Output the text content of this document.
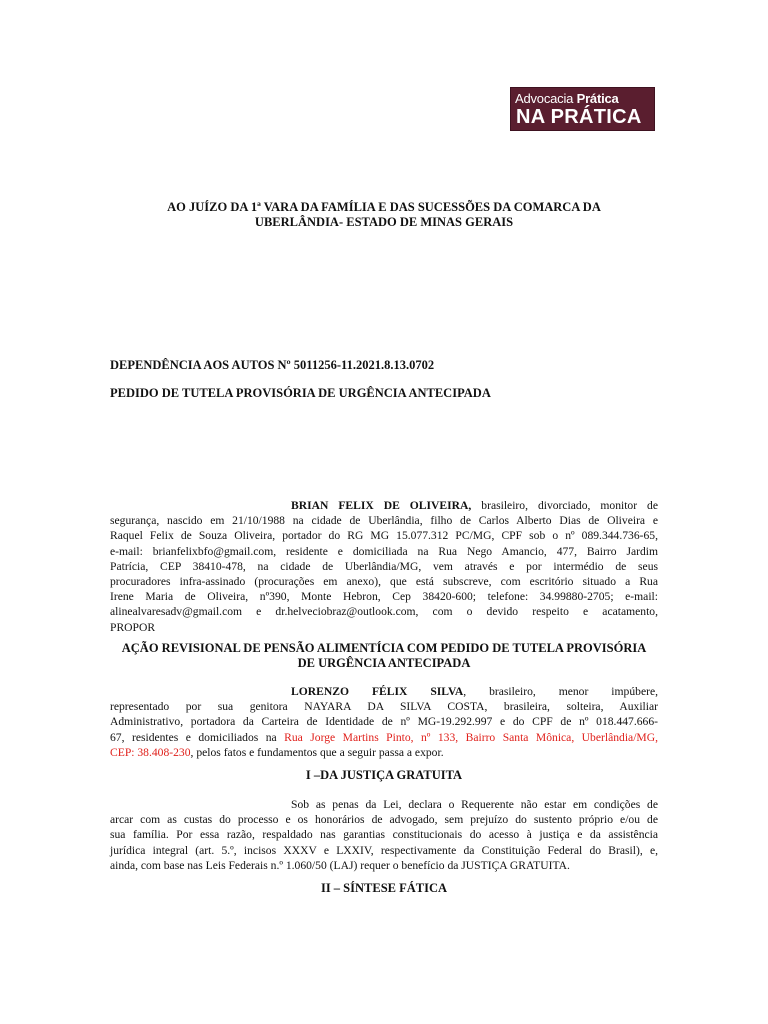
Advocacia Prática
NA PRÁTICA
AO JUÍZO DA 1ª VARA DA FAMÍLIA E DAS SUCESSÕES DA COMARCA DA
UBERLÂNDIA- ESTADO DE MINAS GERAIS
DEPENDÊNCIA AOS AUTOS Nº 5011256-11.2021.8.13.0702
PEDIDO DE TUTELA PROVISÓRIA DE URGÊNCIA ANTECIPADA
BRIAN FELIX DE OLIVEIRA, brasileiro, divorciado, monitor de
segurança, nascido em 21/10/1988 na cidade de Uberlândia, filho de Carlos Alberto Dias de Oliveira e
Raquel Felix de Souza Oliveira, portador do RG MG 15.077.312 PC/MG, CPF sob o nº 089.344.736-65,
e-mail: brianfelixbfo@gmail.com, residente e domiciliada na Rua Nego Amancio, 477, Bairro Jardim
Patrícia, CEP 38410-478, na cidade de Uberlândia/MG, vem através e por intermédio de seus
procuradores infra-assinado (procurações em anexo), que está subscreve, com escritório situado a Rua
Irene Maria de Oliveira, nº390, Monte Hebron, Cep 38420-600; telefone: 34.99880-2705; e-mail:
alinealvaresadv@gmail.com e dr.helveciobraz@outlook.com, com o devido respeito e acatamento,
PROPOR
AÇÃO REVISIONAL DE PENSÃO ALIMENTÍCIA COM PEDIDO DE TUTELA PROVISÓRIA
DE URGÊNCIA ANTECIPADA
LORENZO FÉLIX SILVA, brasileiro, menor impúbere,
representado por sua genitora NAYARA DA SILVA COSTA, brasileira, solteira, Auxiliar
Administrativo, portadora da Carteira de Identidade de nº MG-19.292.997 e do CPF de nº 018.447.666-
67, residentes e domiciliados na Rua Jorge Martins Pinto, nº 133, Bairro Santa Mônica, Uberlândia/MG,
CEP: 38.408-230, pelos fatos e fundamentos que a seguir passa a expor.
I –DA JUSTIÇA GRATUITA
Sob as penas da Lei, declara o Requerente não estar em condições de
arcar com as custas do processo e os honorários de advogado, sem prejuízo do sustento próprio e/ou de
sua família. Por essa razão, respaldado nas garantias constitucionais do acesso à justiça e da assistência
jurídica integral (art. 5.º, incisos XXXV e LXXIV, respectivamente da Constituição Federal do Brasil), e,
ainda, com base nas Leis Federais n.º 1.060/50 (LAJ) requer o benefício da JUSTIÇA GRATUITA.
II – SÍNTESE FÁTICA
